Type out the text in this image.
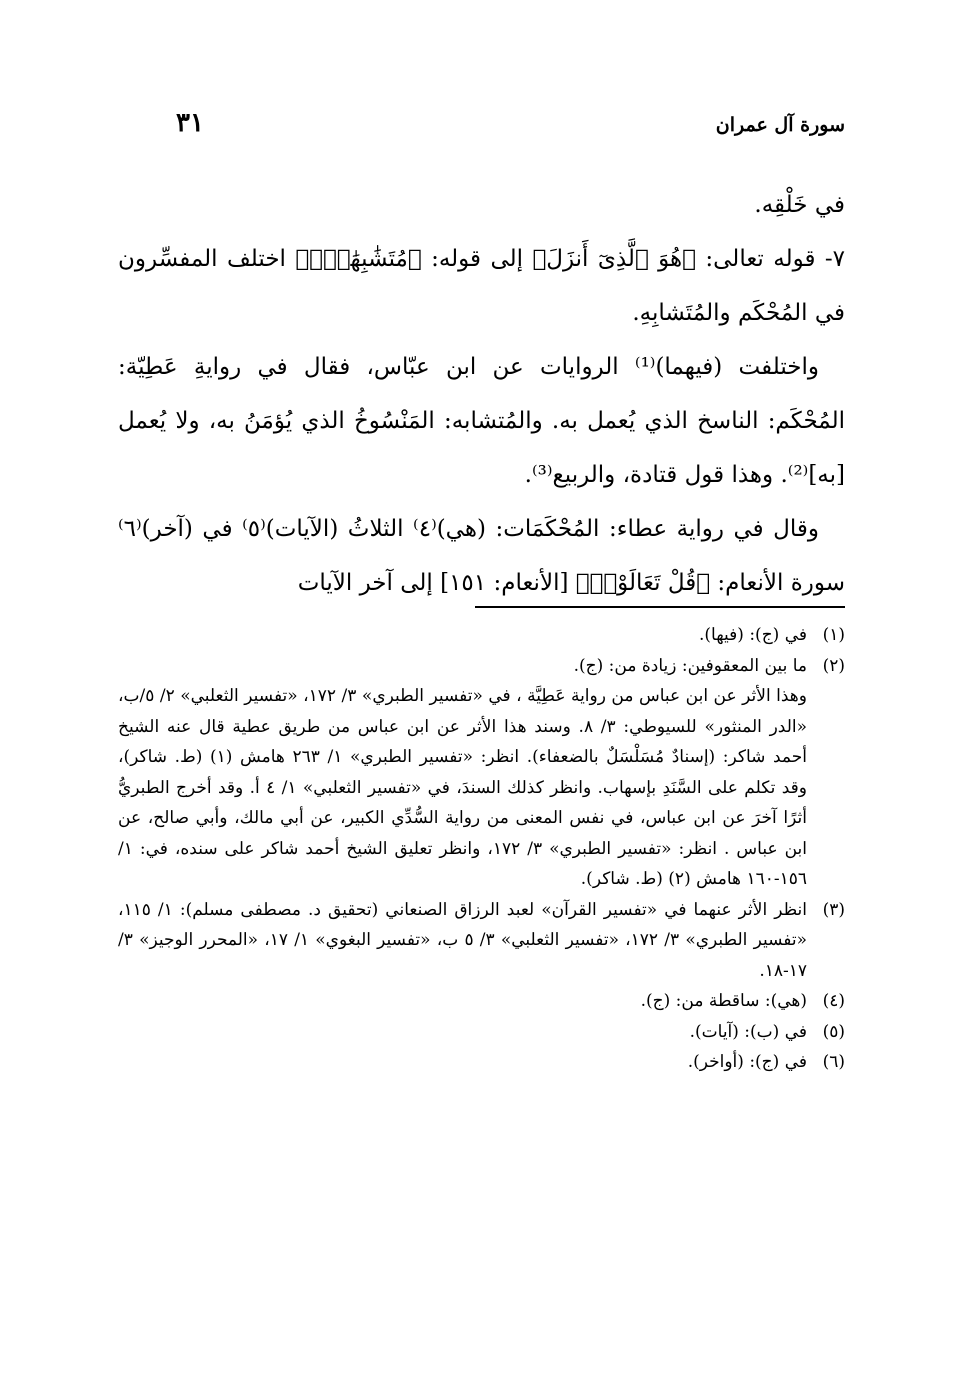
سورة آل عمران
٣١

في خَلْقِه.

٧- قوله تعالى: ﴿هُوَ ٱلَّذِىٓ أَنزَلَ﴾ إلى قوله: ﴿مُتَشَٰبِهَٰتٌۖ﴾ اختلف المفسِّرون في المُحْكَم والمُتَشابِهِ.

واختلفت (فيهما)⁽¹⁾ الروايات عن ابن عبّاس، فقال في روايةِ عَطِيّة: المُحْكَم: الناسخ الذي يُعمل به. والمُتشابه: المَنْسُوخُ الذي يُؤمَنُ به، ولا يُعمل [به]⁽²⁾. وهذا قول قتادة، والربيع⁽³⁾.

وقال في رواية عطاء: المُحْكَمَات: (هي)⁽٤⁾ الثلاثُ (الآيات)⁽٥⁾ في (آخر)⁽٦⁾ سورة الأنعام: ﴿قُلْ تَعَالَوْا۟﴾ [الأنعام: ١٥١] إلى آخر الآيات

(١)

في (ج): (فيها).

(٢)

ما بين المعقوفين: زيادة من: (ج).

وهذا الأثر عن ابن عباس من رواية عَطِيَّة ، في «تفسير الطبري» ٣/ ١٧٢، «تفسير الثعلبي» ٢/ ٥/ب، «الدر المنثور» للسيوطي: ٣/ ٨. وسند هذا الأثر عن ابن عباس من طريق عطية قال عنه الشيخ أحمد شاكر: (إسنادٌ مُسَلْسَلٌ بالضعفاء). انظر: «تفسير الطبري» ١/ ٢٦٣ هامش (١) (ط. شاكر)، وقد تكلم على السَّنَدِ بإسهاب. وانظر كذلك السندَ، في «تفسير الثعلبي» ١/ ٤ أ. وقد أخرج الطبريُّ أثرًا آخرَ عن ابن عباس، في نفس المعنى من رواية السُّدِّي الكبير، عن أبي مالك، وأبي صالح، عن ابن عباس . انظر: «تفسير الطبري» ٣/ ١٧٢، وانظر تعليق الشيخ أحمد شاكر على سنده، في: ١/ ١٥٦-١٦٠ هامش (٢) (ط. شاكر).

(٣)

انظر الأثر عنهما في «تفسير القرآن» لعبد الرزاق الصنعاني (تحقيق د. مصطفى مسلم): ١/ ١١٥، «تفسير الطبري» ٣/ ١٧٢، «تفسير الثعلبي» ٣/ ٥ ب، «تفسير البغوي» ١/ ١٧، «المحرر الوجيز» ٣/ ١٧-١٨.

(٤)

(هي): ساقطة من: (ج).

(٥)

في (ب): (آيات).

(٦)

في (ج): (أواخر).
